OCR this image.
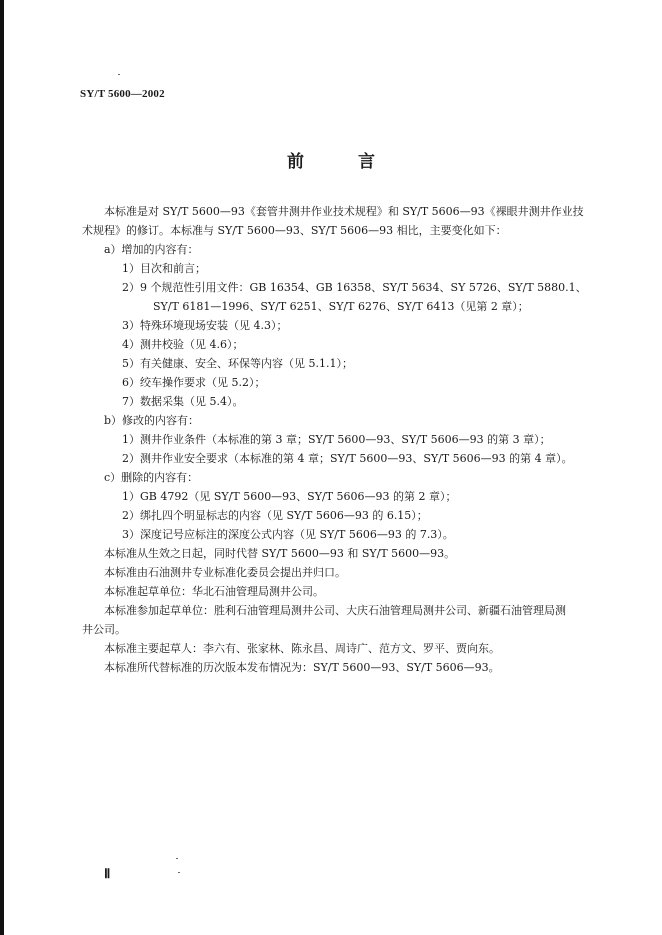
SY/T 5600—2002
前 言

本标准是对 SY/T 5600—93《套管井测井作业技术规程》和 SY/T 5606—93《裸眼井测井作业技

术规程》的修订。本标准与 SY/T 5600—93、SY/T 5606—93 相比，主要变化如下：

a）增加的内容有：

1）目次和前言；

2）9 个规范性引用文件：GB 16354、GB 16358、SY/T 5634、SY 5726、SY/T 5880.1、

SY/T 6181—1996、SY/T 6251、SY/T 6276、SY/T 6413（见第 2 章）；

3）特殊环境现场安装（见 4.3）；

4）测井校验（见 4.6）；

5）有关健康、安全、环保等内容（见 5.1.1）；

6）绞车操作要求（见 5.2）；

7）数据采集（见 5.4）。

b）修改的内容有：

1）测井作业条件（本标准的第 3 章；SY/T 5600—93、SY/T 5606—93 的第 3 章）；

2）测井作业安全要求（本标准的第 4 章；SY/T 5600—93、SY/T 5606—93 的第 4 章）。

c）删除的内容有：

1）GB 4792（见 SY/T 5600—93、SY/T 5606—93 的第 2 章）；

2）绑扎四个明显标志的内容（见 SY/T 5606—93 的 6.15）；

3）深度记号应标注的深度公式内容（见 SY/T 5606—93 的 7.3）。

本标准从生效之日起，同时代替 SY/T 5600—93 和 SY/T 5600—93。

本标准由石油测井专业标准化委员会提出并归口。

本标准起草单位：华北石油管理局测井公司。

本标准参加起草单位：胜利石油管理局测井公司、大庆石油管理局测井公司、新疆石油管理局测

井公司。

本标准主要起草人：李六有、张家林、陈永昌、周诗广、范方文、罗平、贾向东。

本标准所代替标准的历次版本发布情况为：SY/T 5600—93、SY/T 5606—93。

Ⅱ
